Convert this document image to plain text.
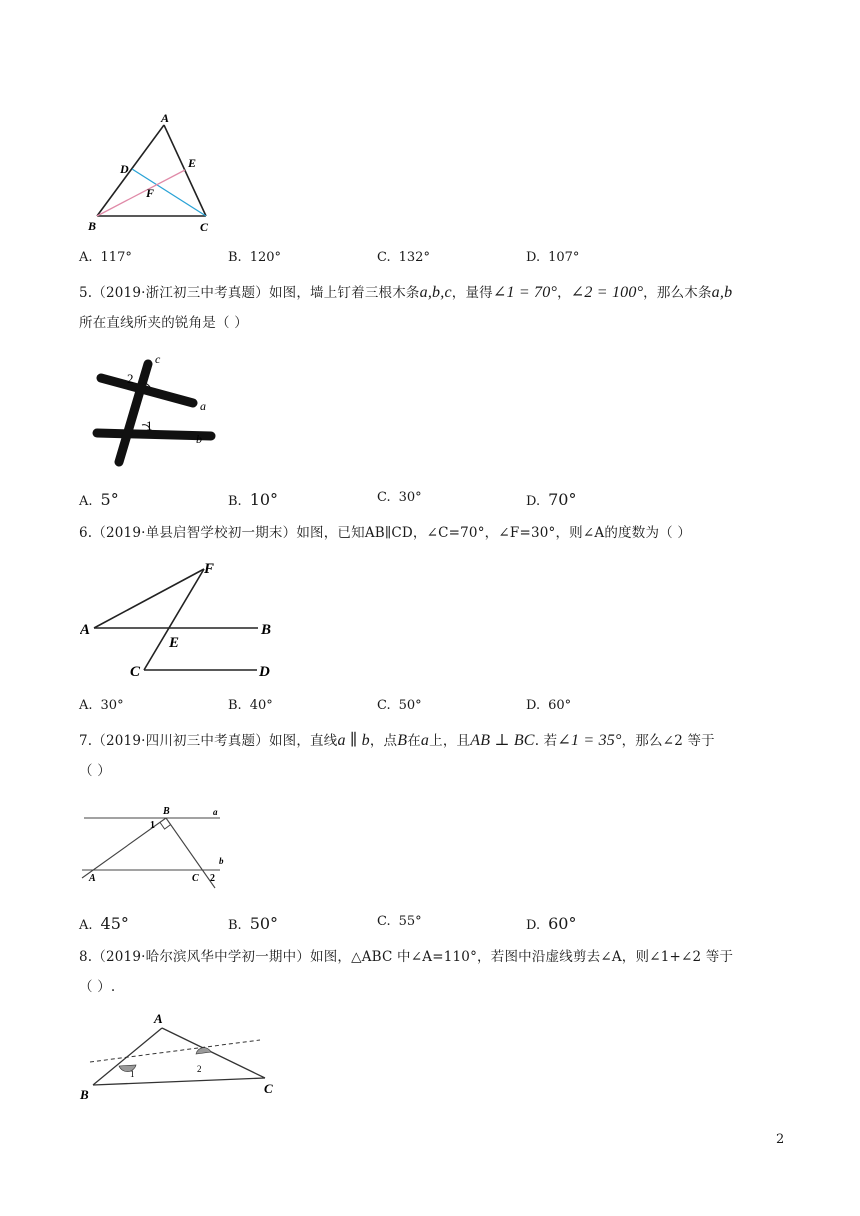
A
D	E
F
B	C
A. 117°	B. 120°	C. 132°	D. 107°
5.（2019·浙江初三中考真题）如图，墙上钉着三根木条a,b,c，量得∠1 = 70°，∠2 = 100°，那么木条a,b
所在直线所夹的锐角是（ ）
c
2
a
1
b
A. 5°	B. 10°	C. 30°	D. 70°
6.（2019·单县启智学校初一期末）如图，已知AB∥CD，∠C=70°，∠F=30°，则∠A的度数为（ ）
F
A	B
E
C	D
A. 30°	B. 40°	C. 50°	D. 60°
7.（2019·四川初三中考真题）如图，直线a ∥ b，点B在a上，且AB ⊥ BC. 若∠1 = 35°，那么∠2 等于
（ ）
B	a
1
b
A	C 2
A. 45°	B. 50°	C. 55°	D. 60°
8.（2019·哈尔滨风华中学初一期中）如图，△ABC 中∠A=110°，若图中沿虚线剪去∠A，则∠1+∠2 等于
（ ）.
A
B	C
1	2
2
